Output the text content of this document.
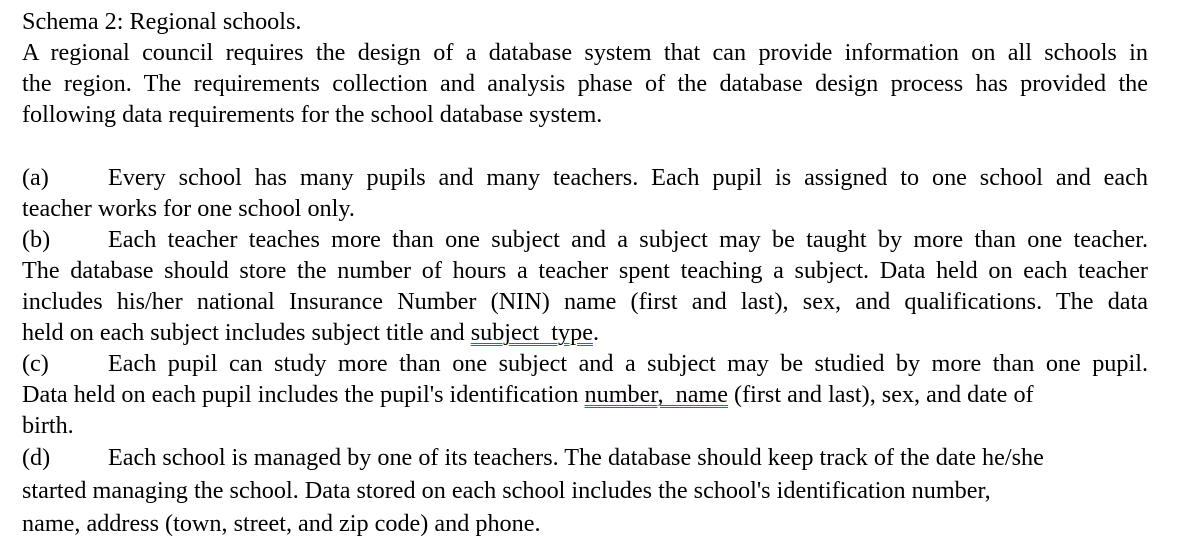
Schema 2: Regional schools.
A regional council requires the design of a database system that can provide information on all schools in
the region. The requirements collection and analysis phase of the database design process has provided the
following data requirements for the school database system.
(a) Every school has many pupils and many teachers. Each pupil is assigned to one school and each
teacher works for one school only.
(b) Each teacher teaches more than one subject and a subject may be taught by more than one teacher.
The database should store the number of hours a teacher spent teaching a subject. Data held on each teacher
includes his/her national Insurance Number (NIN) name (first and last), sex, and qualifications. The data
held on each subject includes subject title and subject  type.
(c) Each pupil can study more than one subject and a subject may be studied by more than one pupil.
Data held on each pupil includes the pupil's identification number,  name (first and last), sex, and date of
birth.
(d) Each school is managed by one of its teachers. The database should keep track of the date he/she
started managing the school. Data stored on each school includes the school's identification number,
name, address (town, street, and zip code) and phone.
